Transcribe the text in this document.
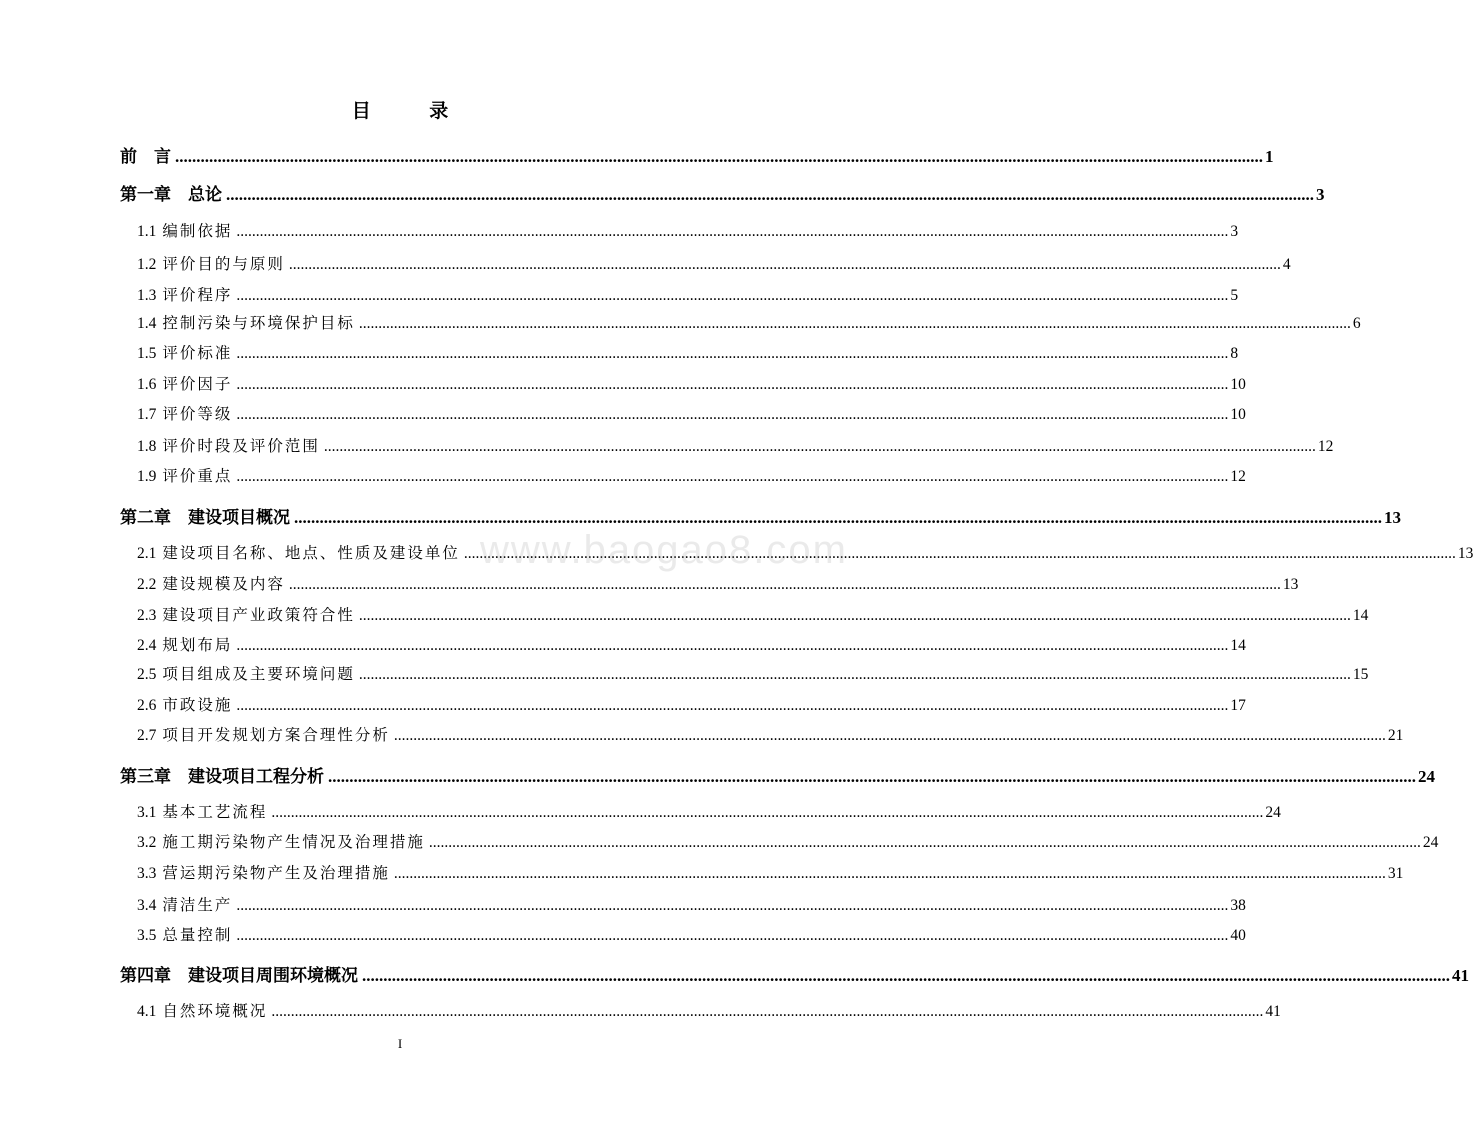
目 录
前　言 .....	1
第一章　总论 .....	3
1.1 编制依据 .....	3
1.2 评价目的与原则 .....	4
1.3 评价程序 .....	5
1.4 控制污染与环境保护目标 .....	6
1.5 评价标准 .....	8
1.6 评价因子 .....	10
1.7 评价等级 .....	10
1.8 评价时段及评价范围 .....	12
1.9 评价重点 .....	12
第二章　建设项目概况 .....	13
2.1 建设项目名称、地点、性质及建设单位 .....	13
2.2 建设规模及内容 .....	13
2.3 建设项目产业政策符合性 .....	14
2.4 规划布局 .....	14
2.5 项目组成及主要环境问题 .....	15
2.6 市政设施 .....	17
2.7 项目开发规划方案合理性分析 .....	21
第三章　建设项目工程分析 .....	24
3.1 基本工艺流程 .....	24
3.2 施工期污染物产生情况及治理措施 .....	24
3.3 营运期污染物产生及治理措施 .....	31
3.4 清洁生产 .....	38
3.5 总量控制 .....	40
第四章　建设项目周围环境概况 .....	41
4.1 自然环境概况 .....	41
www.baogao8.com
I
